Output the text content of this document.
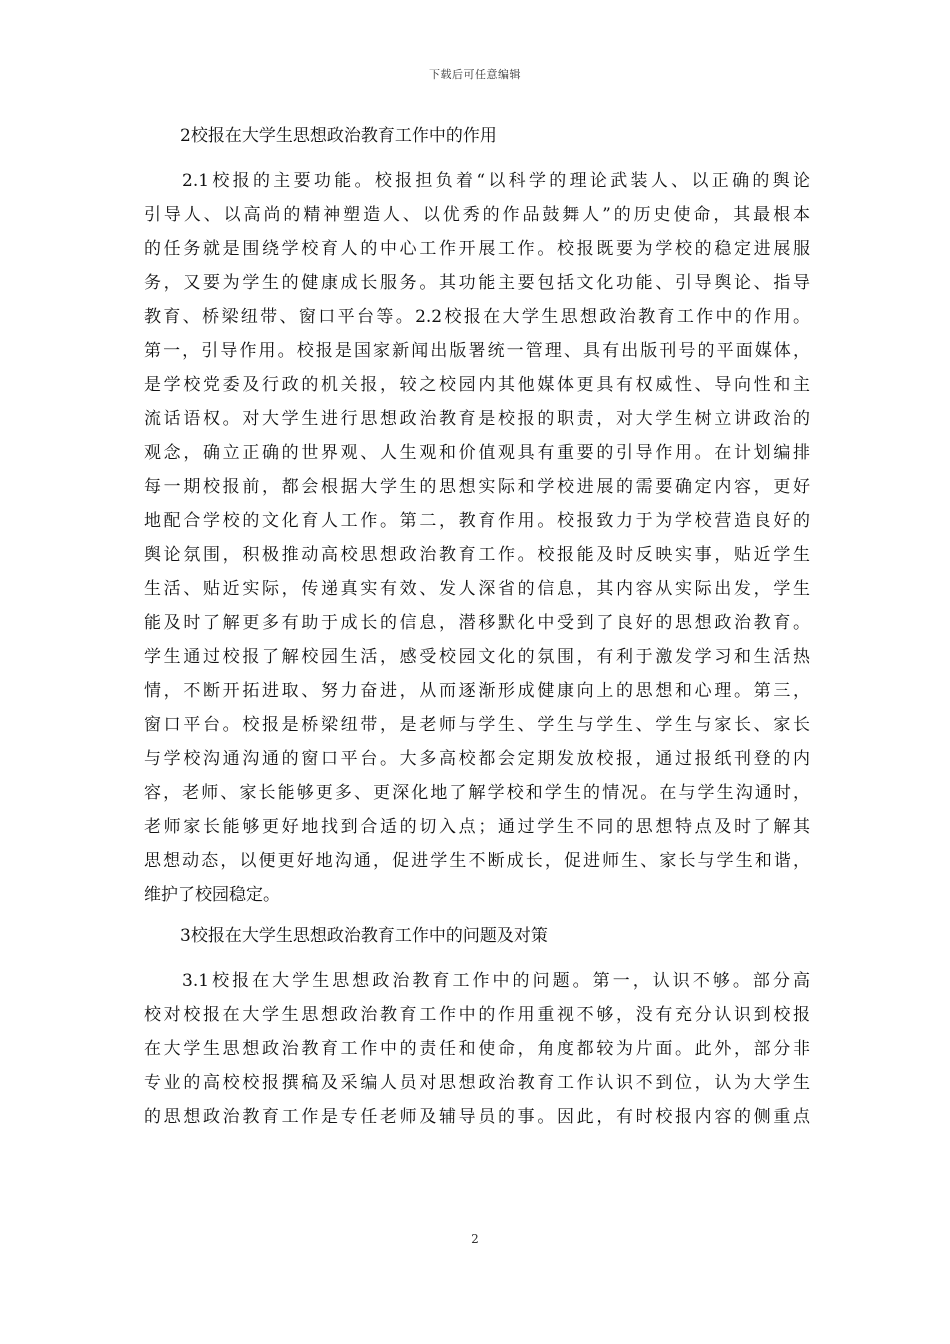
下载后可任意编辑
2校报在大学生思想政治教育工作中的作用
2.1校报的主要功能。校报担负着“以科学的理论武装人、以正确的舆论
引导人、以高尚的精神塑造人、以优秀的作品鼓舞人”的历史使命，其最根本
的任务就是围绕学校育人的中心工作开展工作。校报既要为学校的稳定进展服
务，又要为学生的健康成长服务。其功能主要包括文化功能、引导舆论、指导
教育、桥梁纽带、窗口平台等。2.2校报在大学生思想政治教育工作中的作用。
第一，引导作用。校报是国家新闻出版署统一管理、具有出版刊号的平面媒体，
是学校党委及行政的机关报，较之校园内其他媒体更具有权威性、导向性和主
流话语权。对大学生进行思想政治教育是校报的职责，对大学生树立讲政治的
观念，确立正确的世界观、人生观和价值观具有重要的引导作用。在计划编排
每一期校报前，都会根据大学生的思想实际和学校进展的需要确定内容，更好
地配合学校的文化育人工作。第二，教育作用。校报致力于为学校营造良好的
舆论氛围，积极推动高校思想政治教育工作。校报能及时反映实事，贴近学生
生活、贴近实际，传递真实有效、发人深省的信息，其内容从实际出发，学生
能及时了解更多有助于成长的信息，潜移默化中受到了良好的思想政治教育。
学生通过校报了解校园生活，感受校园文化的氛围，有利于激发学习和生活热
情，不断开拓进取、努力奋进，从而逐渐形成健康向上的思想和心理。第三，
窗口平台。校报是桥梁纽带，是老师与学生、学生与学生、学生与家长、家长
与学校沟通沟通的窗口平台。大多高校都会定期发放校报，通过报纸刊登的内
容，老师、家长能够更多、更深化地了解学校和学生的情况。在与学生沟通时，
老师家长能够更好地找到合适的切入点；通过学生不同的思想特点及时了解其
思想动态，以便更好地沟通，促进学生不断成长，促进师生、家长与学生和谐，
维护了校园稳定。
3校报在大学生思想政治教育工作中的问题及对策
3.1校报在大学生思想政治教育工作中的问题。第一，认识不够。部分高
校对校报在大学生思想政治教育工作中的作用重视不够，没有充分认识到校报
在大学生思想政治教育工作中的责任和使命，角度都较为片面。此外，部分非
专业的高校校报撰稿及采编人员对思想政治教育工作认识不到位，认为大学生
的思想政治教育工作是专任老师及辅导员的事。因此，有时校报内容的侧重点
2
